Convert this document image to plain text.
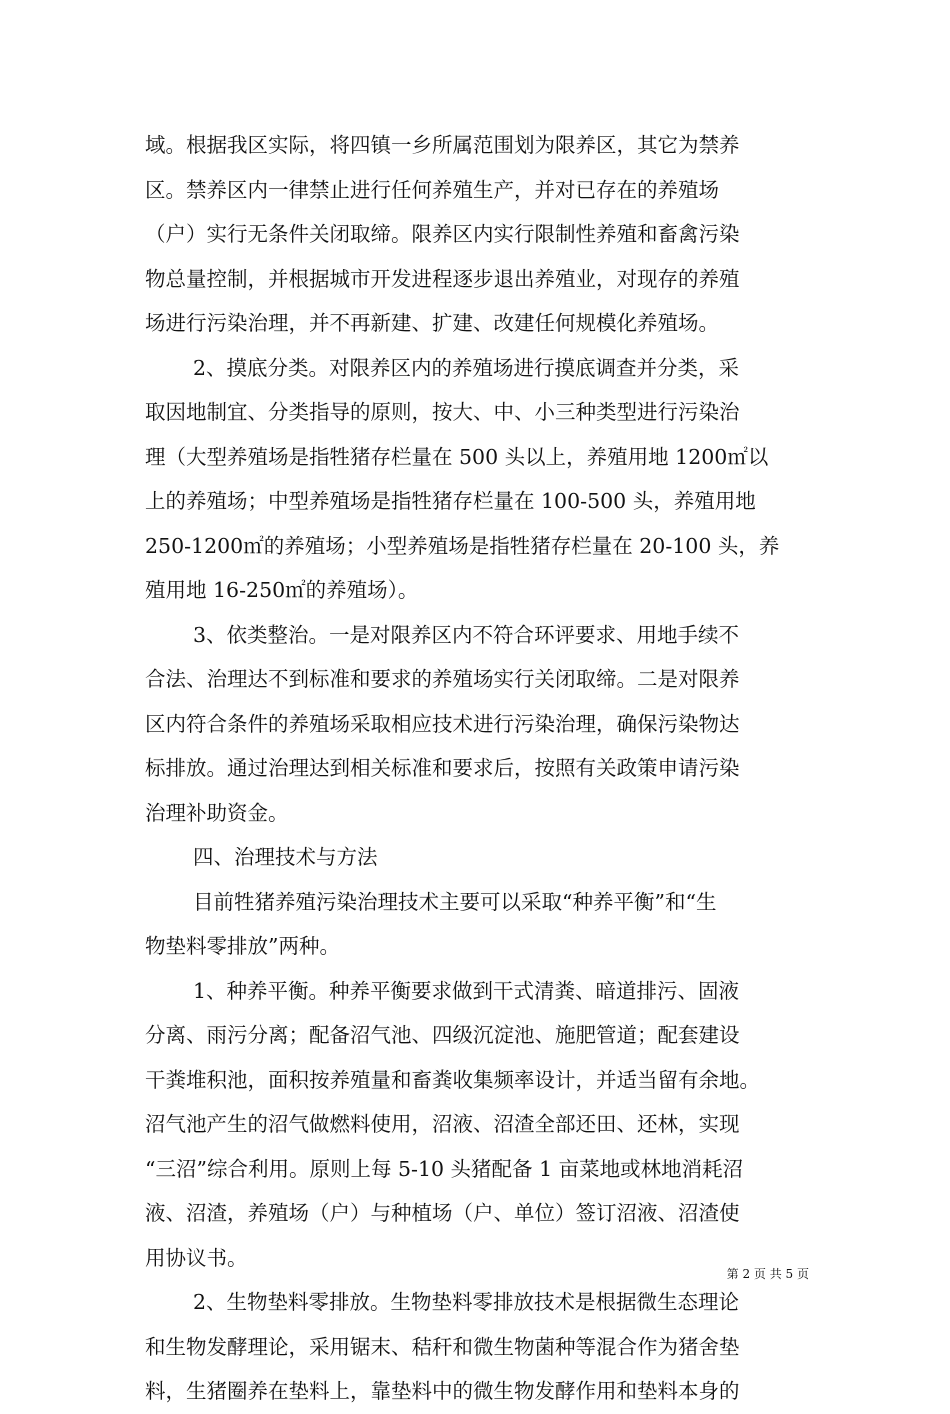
域。根据我区实际，将四镇一乡所属范围划为限养区，其它为禁养
区。禁养区内一律禁止进行任何养殖生产，并对已存在的养殖场
（户）实行无条件关闭取缔。限养区内实行限制性养殖和畜禽污染
物总量控制，并根据城市开发进程逐步退出养殖业，对现存的养殖
场进行污染治理，并不再新建、扩建、改建任何规模化养殖场。
2、摸底分类。对限养区内的养殖场进行摸底调查并分类，采
取因地制宜、分类指导的原则，按大、中、小三种类型进行污染治
理（大型养殖场是指牲猪存栏量在 500 头以上，养殖用地 1200㎡以
上的养殖场；中型养殖场是指牲猪存栏量在 100-500 头，养殖用地
250-1200㎡的养殖场；小型养殖场是指牲猪存栏量在 20-100 头，养
殖用地 16-250㎡的养殖场）。
3、依类整治。一是对限养区内不符合环评要求、用地手续不
合法、治理达不到标准和要求的养殖场实行关闭取缔。二是对限养
区内符合条件的养殖场采取相应技术进行污染治理，确保污染物达
标排放。通过治理达到相关标准和要求后，按照有关政策申请污染
治理补助资金。
四、治理技术与方法
目前牲猪养殖污染治理技术主要可以采取“种养平衡”和“生
物垫料零排放”两种。
1、种养平衡。种养平衡要求做到干式清粪、暗道排污、固液
分离、雨污分离；配备沼气池、四级沉淀池、施肥管道；配套建设
干粪堆积池，面积按养殖量和畜粪收集频率设计，并适当留有余地。
沼气池产生的沼气做燃料使用，沼液、沼渣全部还田、还林，实现
“三沼”综合利用。原则上每 5-10 头猪配备 1 亩菜地或林地消耗沼
液、沼渣，养殖场（户）与种植场（户、单位）签订沼液、沼渣使
用协议书。
2、生物垫料零排放。生物垫料零排放技术是根据微生态理论
和生物发酵理论，采用锯末、秸秆和微生物菌种等混合作为猪舍垫
料，生猪圈养在垫料上，靠垫料中的微生物发酵作用和垫料本身的
第 2 页 共 5 页
